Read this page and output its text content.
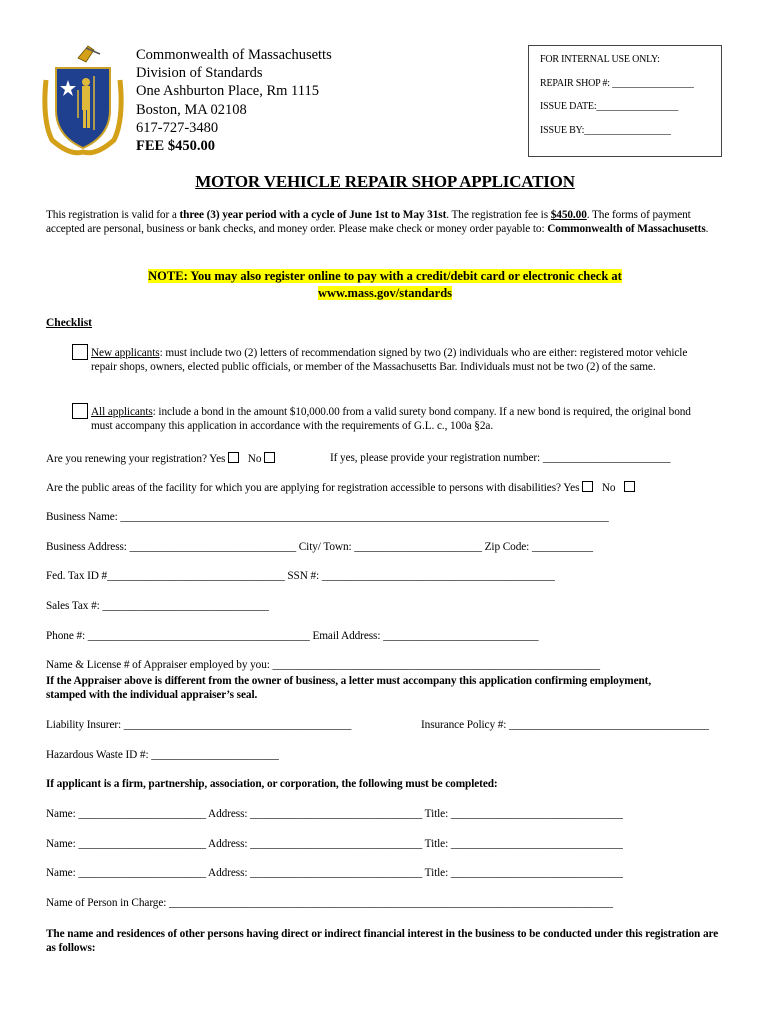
Commonwealth of Massachusetts
Division of Standards
One Ashburton Place, Rm 1115
Boston, MA 02108
617-727-3480
FEE $450.00
FOR INTERNAL USE ONLY:
REPAIR SHOP #: _________________
ISSUE DATE:_________________
ISSUE BY:__________________
MOTOR VEHICLE REPAIR SHOP APPLICATION
This registration is valid for a three (3) year period with a cycle of June 1st to May 31st. The registration fee is $450.00. The forms of payment accepted are personal, business or bank checks, and money order. Please make check or money order payable to: Commonwealth of Massachusetts.
NOTE: You may also register online to pay with a credit/debit card or electronic check at
www.mass.gov/standards
Checklist
New applicants: must include two (2) letters of recommendation signed by two (2) individuals who are either: registered motor vehicle repair shops, owners, elected public officials, or member of the Massachusetts Bar. Individuals must not be two (2) of the same.
All applicants: include a bond in the amount $10,000.00 from a valid surety bond company. If a new bond is required, the original bond must accompany this application in accordance with the requirements of G.L. c., 100a §2a.
Are you renewing your registration? Yes No	If yes, please provide your registration number: _______________________
Are the public areas of the facility for which you are applying for registration accessible to persons with disabilities? Yes No
Business Name: ________________________________________________________________________________________
Business Address: ______________________________ City/ Town: _______________________ Zip Code: ___________
Fed. Tax ID #________________________________ SSN #: __________________________________________
Sales Tax #: ______________________________
Phone #: ________________________________________ Email Address: ____________________________
Name & License # of Appraiser employed by you: ___________________________________________________________
If the Appraiser above is different from the owner of business, a letter must accompany this application confirming employment, stamped with the individual appraiser’s seal.
Liability Insurer: _________________________________________	Insurance Policy #: ____________________________________
Hazardous Waste ID #: _______________________
If applicant is a firm, partnership, association, or corporation, the following must be completed:
Name: _______________________ Address: _______________________________ Title: _______________________________
Name: _______________________ Address: _______________________________ Title: _______________________________
Name: _______________________ Address: _______________________________ Title: _______________________________
Name of Person in Charge: ________________________________________________________________________________
The name and residences of other persons having direct or indirect financial interest in the business to be conducted under this registration are as follows:
